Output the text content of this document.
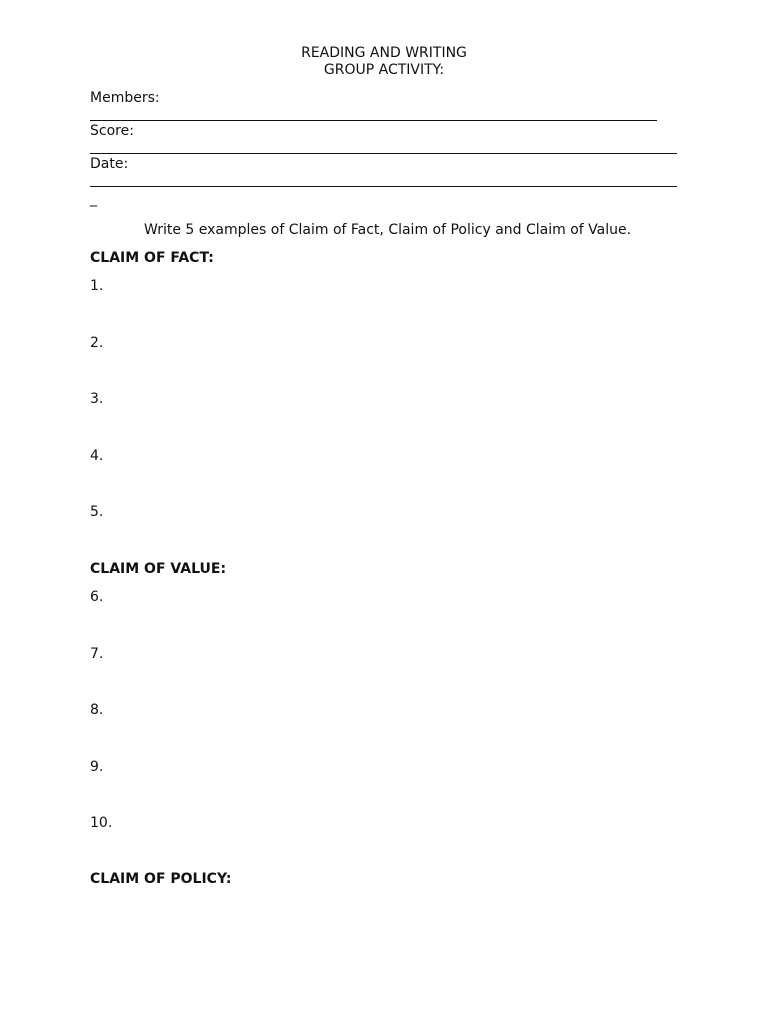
READING AND WRITING
GROUP ACTIVITY:
Members:
Score:
Date:
_
Write 5 examples of Claim of Fact, Claim of Policy and Claim of Value.
CLAIM OF FACT:
1.
2.
3.
4.
5.
CLAIM OF VALUE:
6.
7.
8.
9.
10.
CLAIM OF POLICY:
